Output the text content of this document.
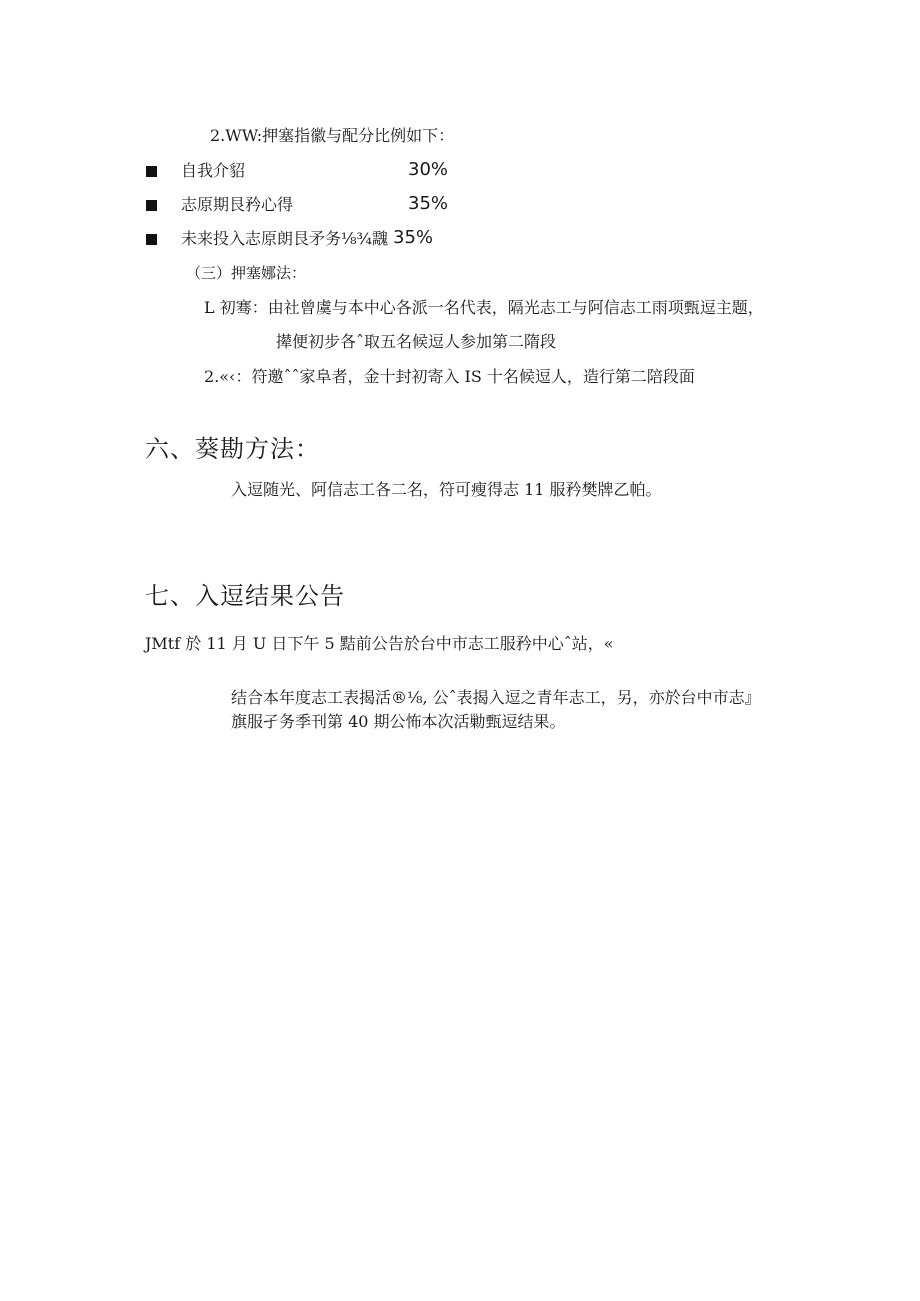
2.WW:押塞指徽与配分比例如下：
自我介貂	30%
志原期艮矜心得	35%
未来投入志原朗艮矛务⅛¾䰰 35%
（三）押塞娜法：
L 初骞：由社曾虞与本中心各派一名代表，隔光志工与阿信志工雨项甄逗主题，
撵便初步各ˆ取五名候逗人参加第二隋段
2.«‹：符邀ˆˆ家阜者，金十封初寄入 IS 十名候逗人，造行第二陪段面
六、葵勘方法：
入逗随光、阿信志工各二名，符可瘦得志 11 服矜樊牌乙帕。
七、入逗结果公告
JMtf 於 11 月 U 日下午 5 黠前公告於台中市志工服矜中心ˆ站，«
结合本年度志工表揭活®⅛, 公ˆ表揭入逗之青年志工，另，亦於台中市志』
旗服孑务季刊第 40 期公怖本次活勦甄逗结果。
